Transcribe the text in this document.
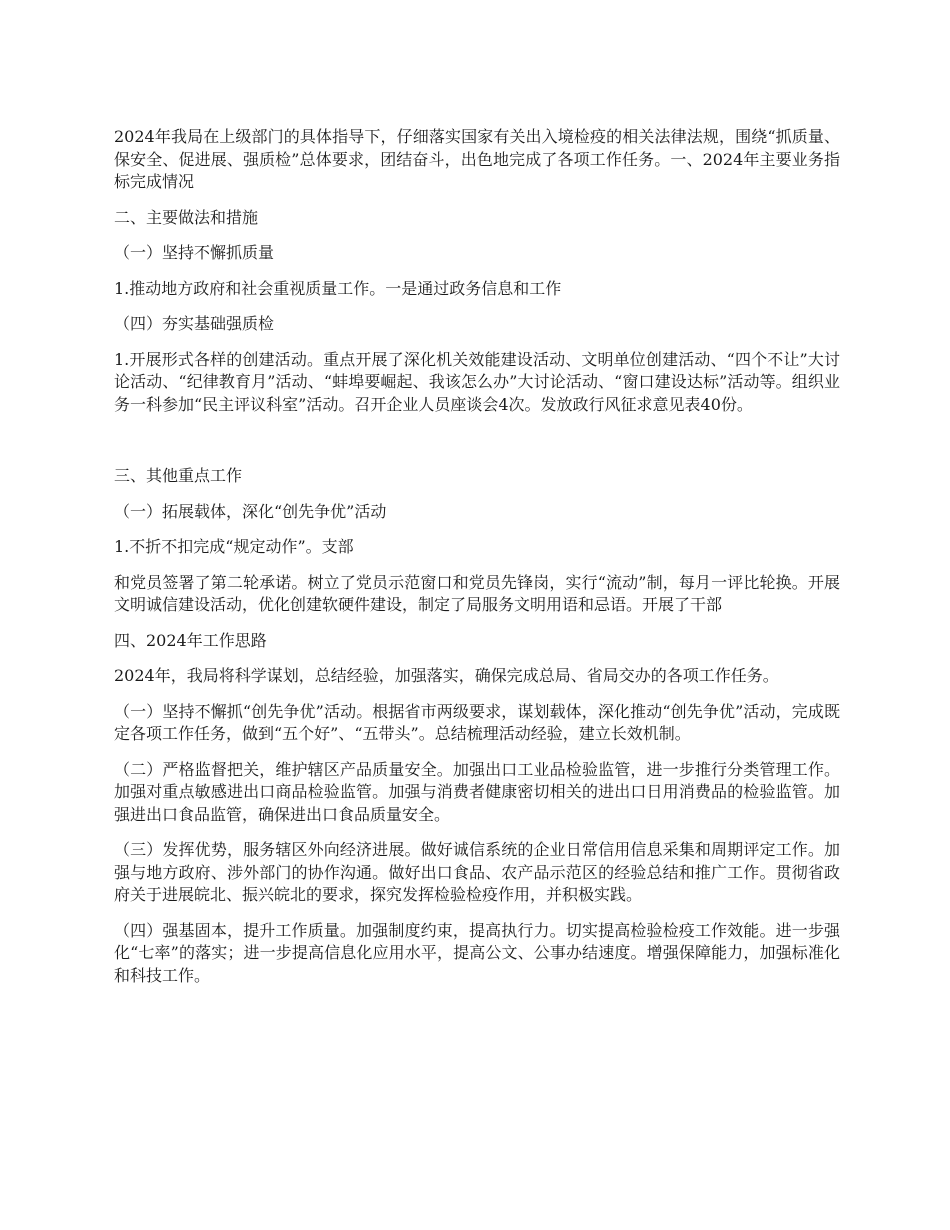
2024年我局在上级部门的具体指导下，仔细落实国家有关出入境检疫的相关法律法规，围绕“抓质量、保安全、促进展、强质检”总体要求，团结奋斗，出色地完成了各项工作任务。一、2024年主要业务指标完成情况

二、主要做法和措施

（一）坚持不懈抓质量

1.推动地方政府和社会重视质量工作。一是通过政务信息和工作

（四）夯实基础强质检

1.开展形式各样的创建活动。重点开展了深化机关效能建设活动、文明单位创建活动、“四个不让”大讨论活动、“纪律教育月”活动、“蚌埠要崛起、我该怎么办”大讨论活动、“窗口建设达标”活动等。组织业务一科参加“民主评议科室”活动。召开企业人员座谈会4次。发放政行风征求意见表40份。

三、其他重点工作

（一）拓展载体，深化“创先争优”活动

1.不折不扣完成“规定动作”。支部

和党员签署了第二轮承诺。树立了党员示范窗口和党员先锋岗，实行“流动”制，每月一评比轮换。开展文明诚信建设活动，优化创建软硬件建设，制定了局服务文明用语和忌语。开展了干部

四、2024年工作思路

2024年，我局将科学谋划，总结经验，加强落实，确保完成总局、省局交办的各项工作任务。

（一）坚持不懈抓“创先争优”活动。根据省市两级要求，谋划载体，深化推动“创先争优”活动，完成既定各项工作任务，做到“五个好”、“五带头”。总结梳理活动经验，建立长效机制。

（二）严格监督把关，维护辖区产品质量安全。加强出口工业品检验监管，进一步推行分类管理工作。加强对重点敏感进出口商品检验监管。加强与消费者健康密切相关的进出口日用消费品的检验监管。加强进出口食品监管，确保进出口食品质量安全。

（三）发挥优势，服务辖区外向经济进展。做好诚信系统的企业日常信用信息采集和周期评定工作。加强与地方政府、涉外部门的协作沟通。做好出口食品、农产品示范区的经验总结和推广工作。贯彻省政府关于进展皖北、振兴皖北的要求，探究发挥检验检疫作用，并积极实践。

（四）强基固本，提升工作质量。加强制度约束，提高执行力。切实提高检验检疫工作效能。进一步强化“七率”的落实；进一步提高信息化应用水平，提高公文、公事办结速度。增强保障能力，加强标准化和科技工作。
